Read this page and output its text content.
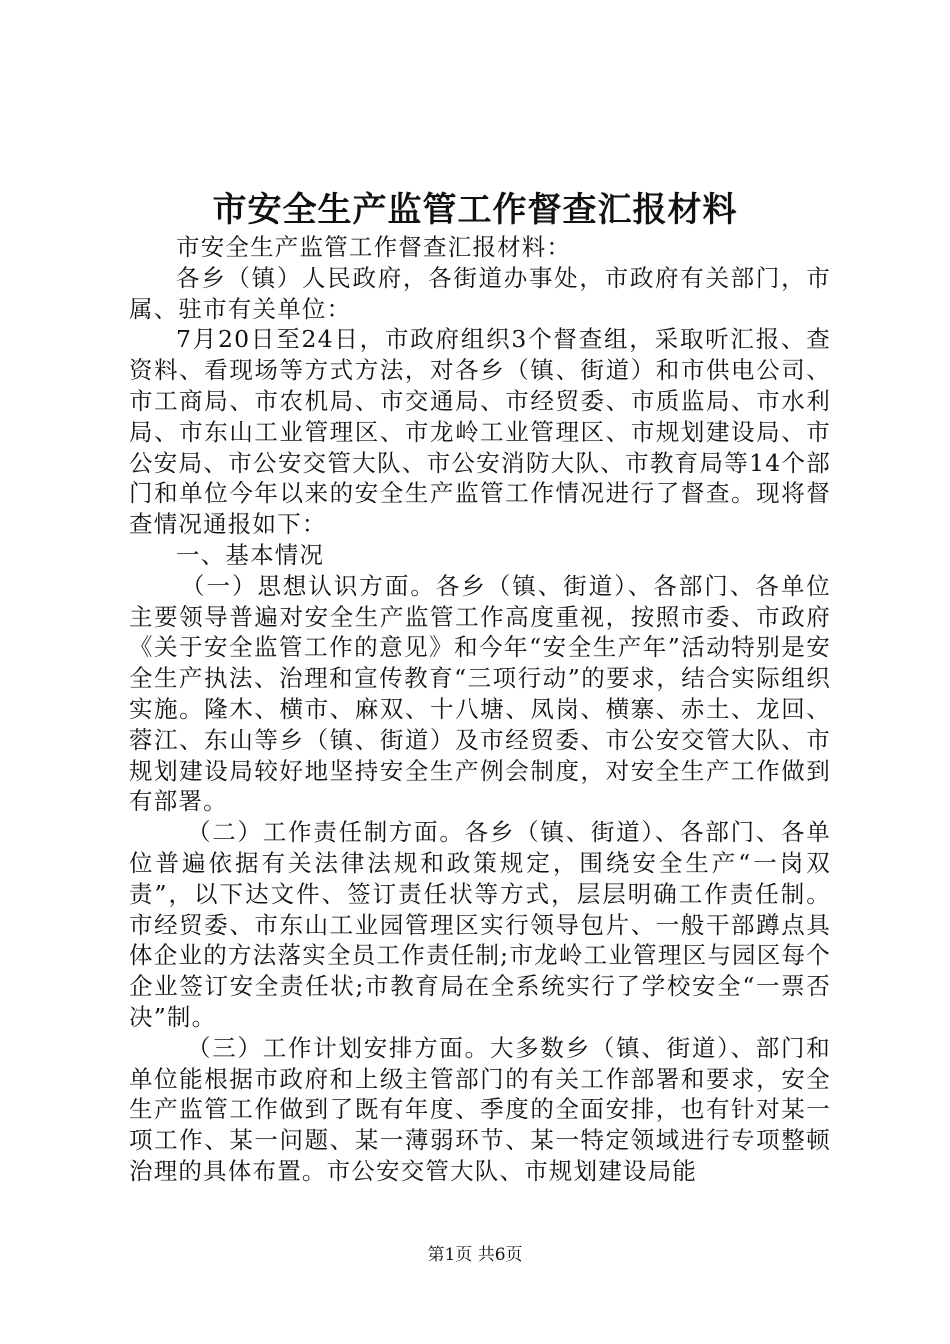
市安全生产监管工作督查汇报材料

市安全生产监管工作督查汇报材料：

各乡（镇）人民政府，各街道办事处，市政府有关部门，市属、驻市有关单位：

7月20日至24日，市政府组织3个督查组，采取听汇报、查资料、看现场等方式方法，对各乡（镇、街道）和市供电公司、市工商局、市农机局、市交通局、市经贸委、市质监局、市水利局、市东山工业管理区、市龙岭工业管理区、市规划建设局、市公安局、市公安交管大队、市公安消防大队、市教育局等14个部门和单位今年以来的安全生产监管工作情况进行了督查。现将督查情况通报如下：

一、基本情况

（一）思想认识方面。各乡（镇、街道）、各部门、各单位主要领导普遍对安全生产监管工作高度重视，按照市委、市政府《关于安全监管工作的意见》和今年“安全生产年”活动特别是安全生产执法、治理和宣传教育“三项行动”的要求，结合实际组织实施。隆木、横市、麻双、十八塘、凤岗、横寨、赤土、龙回、蓉江、东山等乡（镇、街道）及市经贸委、市公安交管大队、市规划建设局较好地坚持安全生产例会制度，对安全生产工作做到有部署。

（二）工作责任制方面。各乡（镇、街道）、各部门、各单位普遍依据有关法律法规和政策规定，围绕安全生产“一岗双责”，以下达文件、签订责任状等方式，层层明确工作责任制。市经贸委、市东山工业园管理区实行领导包片、一般干部蹲点具体企业的方法落实全员工作责任制;市龙岭工业管理区与园区每个企业签订安全责任状;市教育局在全系统实行了学校安全“一票否决”制。

（三）工作计划安排方面。大多数乡（镇、街道）、部门和单位能根据市政府和上级主管部门的有关工作部署和要求，安全生产监管工作做到了既有年度、季度的全面安排，也有针对某一项工作、某一问题、某一薄弱环节、某一特定领域进行专项整顿治理的具体布置。市公安交管大队、市规划建设局能

第1页 共6页
